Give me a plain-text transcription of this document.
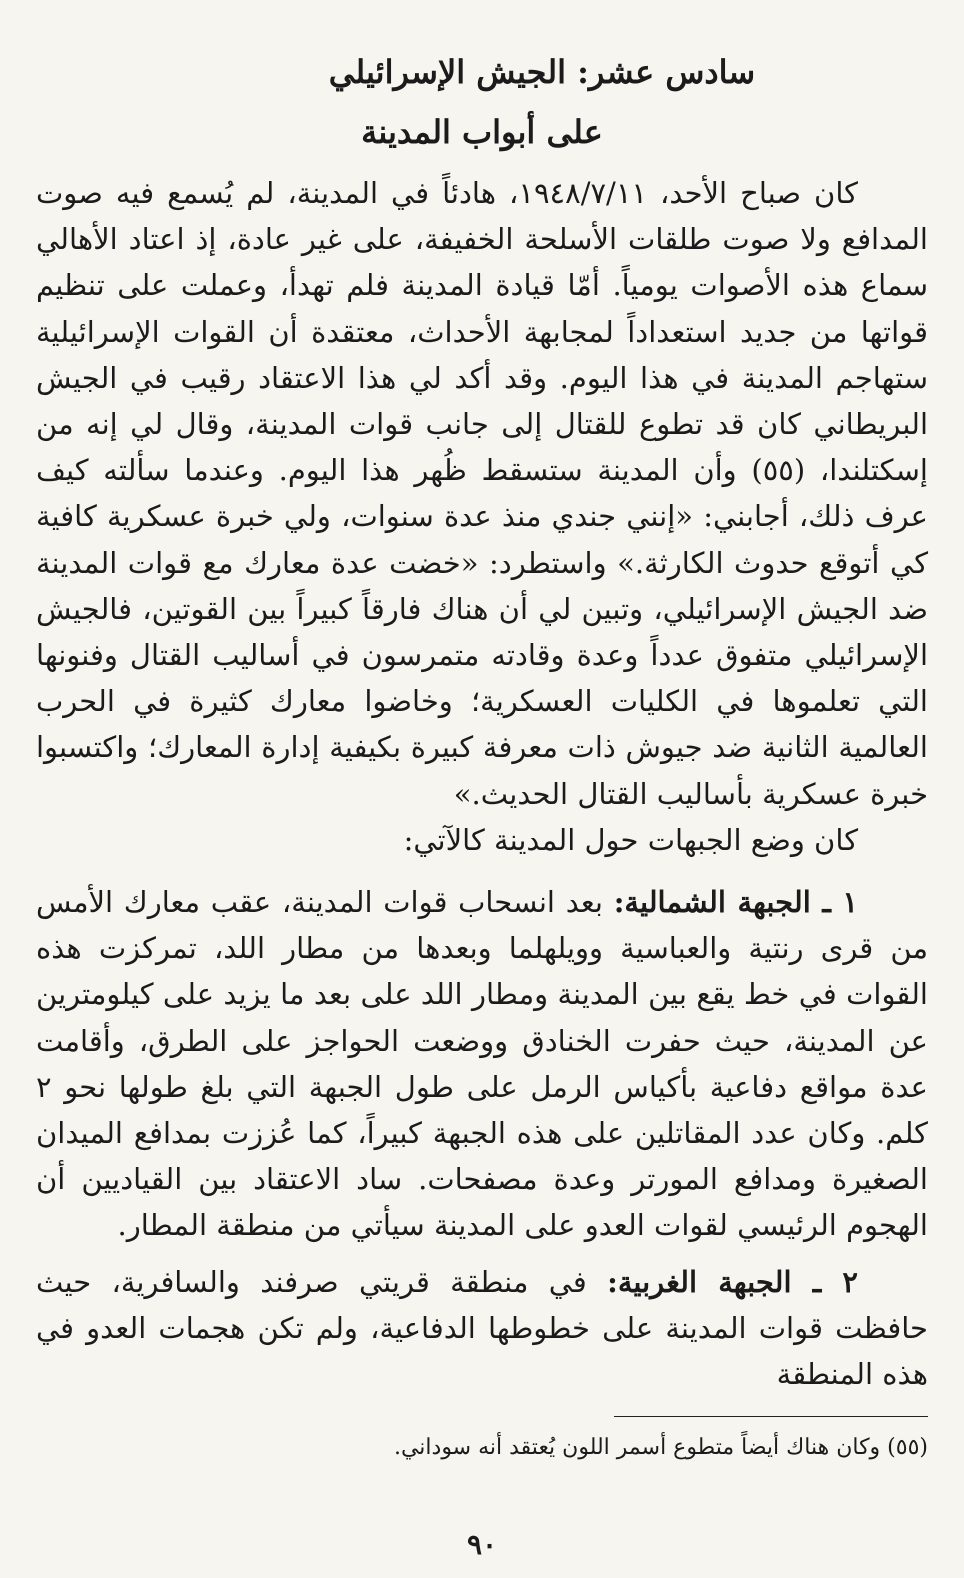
سادس عشر: الجيش الإسرائيلي
على أبواب المدينة

كان صباح الأحد، ١٩٤٨/٧/١١، هادئاً في المدينة، لم يُسمع فيه صوت المدافع ولا صوت طلقات الأسلحة الخفيفة، على غير عادة، إذ اعتاد الأهالي سماع هذه الأصوات يومياً. أمّا قيادة المدينة فلم تهدأ، وعملت على تنظيم قواتها من جديد استعداداً لمجابهة الأحداث، معتقدة أن القوات الإسرائيلية ستهاجم المدينة في هذا اليوم. وقد أكد لي هذا الاعتقاد رقيب في الجيش البريطاني كان قد تطوع للقتال إلى جانب قوات المدينة، وقال لي إنه من إسكتلندا، (٥٥) وأن المدينة ستسقط ظُهر هذا اليوم. وعندما سألته كيف عرف ذلك، أجابني: «إنني جندي منذ عدة سنوات، ولي خبرة عسكرية كافية كي أتوقع حدوث الكارثة.» واستطرد: «خضت عدة معارك مع قوات المدينة ضد الجيش الإسرائيلي، وتبين لي أن هناك فارقاً كبيراً بين القوتين، فالجيش الإسرائيلي متفوق عدداً وعدة وقادته متمرسون في أساليب القتال وفنونها التي تعلموها في الكليات العسكرية؛ وخاضوا معارك كثيرة في الحرب العالمية الثانية ضد جيوش ذات معرفة كبيرة بكيفية إدارة المعارك؛ واكتسبوا خبرة عسكرية بأساليب القتال الحديث.»

كان وضع الجبهات حول المدينة كالآتي:

١ ـ الجبهة الشمالية: بعد انسحاب قوات المدينة، عقب معارك الأمس من قرى رنتية والعباسية وويلهلما وبعدها من مطار اللد، تمركزت هذه القوات في خط يقع بين المدينة ومطار اللد على بعد ما يزيد على كيلومترين عن المدينة، حيث حفرت الخنادق ووضعت الحواجز على الطرق، وأقامت عدة مواقع دفاعية بأكياس الرمل على طول الجبهة التي بلغ طولها نحو ٢ كلم. وكان عدد المقاتلين على هذه الجبهة كبيراً، كما عُززت بمدافع الميدان الصغيرة ومدافع المورتر وعدة مصفحات. ساد الاعتقاد بين القياديين أن الهجوم الرئيسي لقوات العدو على المدينة سيأتي من منطقة المطار.

٢ ـ الجبهة الغربية: في منطقة قريتي صرفند والسافرية، حيث حافظت قوات المدينة على خطوطها الدفاعية، ولم تكن هجمات العدو في هذه المنطقة

(٥٥) وكان هناك أيضاً متطوع أسمر اللون يُعتقد أنه سوداني.
٩٠
